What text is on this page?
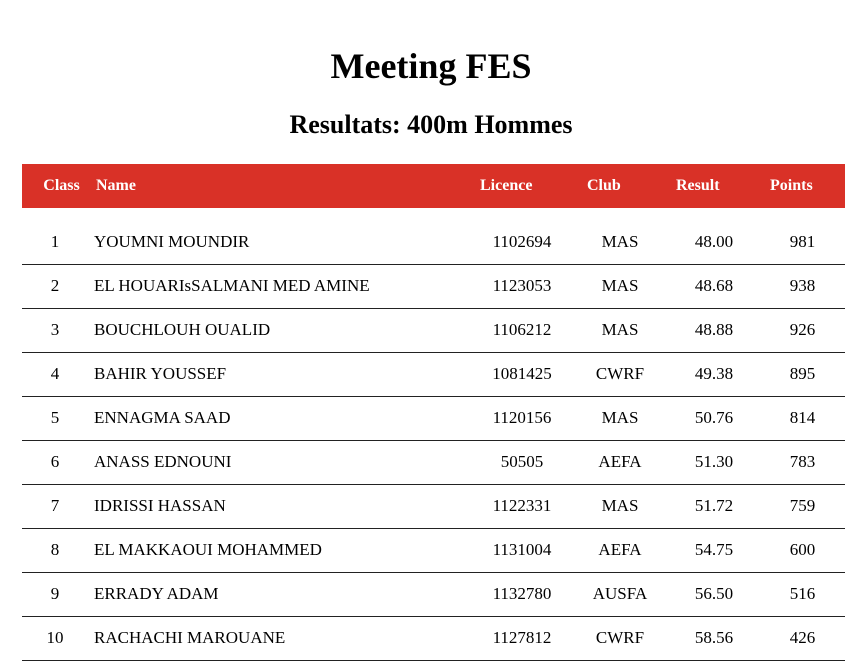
Meeting FES
Resultats: 400m Hommes
Class	Name	Licence	Club	Result	Points

1	YOUMNI MOUNDIR	1102694	MAS	48.00	981
2	EL HOUARIsSALMANI MED AMINE	1123053	MAS	48.68	938
3	BOUCHLOUH OUALID	1106212	MAS	48.88	926
4	BAHIR YOUSSEF	1081425	CWRF	49.38	895
5	ENNAGMA SAAD	1120156	MAS	50.76	814
6	ANASS EDNOUNI	50505	AEFA	51.30	783
7	IDRISSI HASSAN	1122331	MAS	51.72	759
8	EL MAKKAOUI MOHAMMED	1131004	AEFA	54.75	600
9	ERRADY ADAM	1132780	AUSFA	56.50	516
10	RACHACHI MAROUANE	1127812	CWRF	58.56	426
